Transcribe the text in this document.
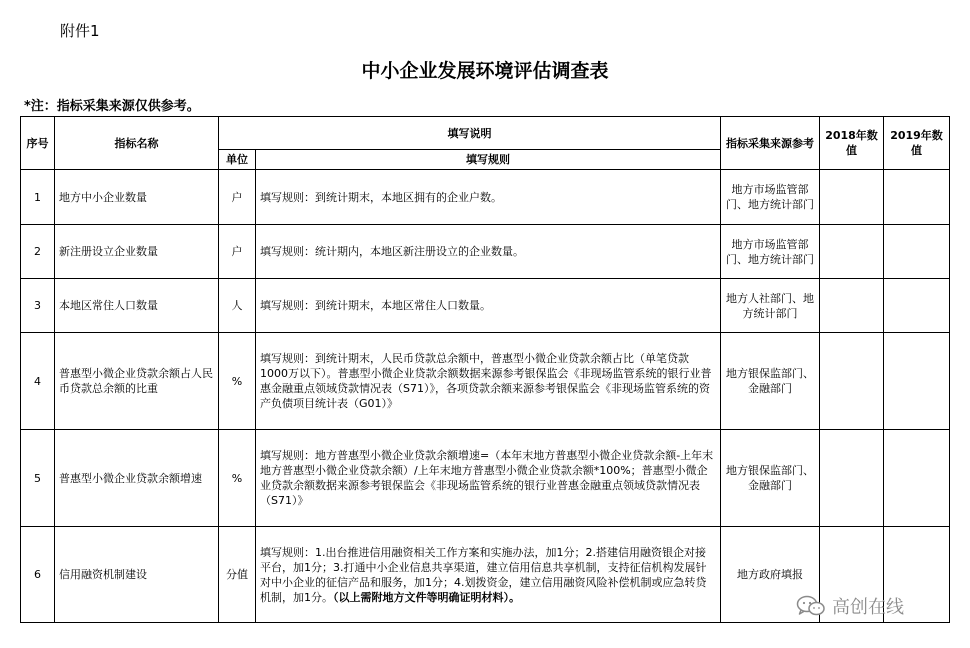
附件1
中小企业发展环境评估调查表
*注：指标采集来源仅供参考。
序号	指标名称	填写说明		指标采集来源参考	2018年数值	2019年数值
		单位	填写规则			
1	地方中小企业数量	户	填写规则：到统计期末，本地区拥有的企业户数。	地方市场监管部门、地方统计部门		
2	新注册设立企业数量	户	填写规则：统计期内，本地区新注册设立的企业数量。	地方市场监管部门、地方统计部门		
3	本地区常住人口数量	人	填写规则：到统计期末，本地区常住人口数量。	地方人社部门、地方统计部门		
4	普惠型小微企业贷款余额占人民币贷款总余额的比重	%	填写规则：到统计期末，人民币贷款总余额中，普惠型小微企业贷款余额占比（单笔贷款1000万以下）。普惠型小微企业贷款余额数据来源参考银保监会《非现场监管系统的银行业普惠金融重点领域贷款情况表（S71）》，各项贷款余额来源参考银保监会《非现场监管系统的资产负债项目统计表（G01）》	地方银保监部门、金融部门		
5	普惠型小微企业贷款余额增速	%	填写规则：地方普惠型小微企业贷款余额增速=（本年末地方普惠型小微企业贷款余额-上年末地方普惠型小微企业贷款余额）/上年末地方普惠型小微企业贷款余额*100%；普惠型小微企业贷款余额数据来源参考银保监会《非现场监管系统的银行业普惠金融重点领域贷款情况表（S71）》	地方银保监部门、金融部门		
6	信用融资机制建设	分值	填写规则：1.出台推进信用融资相关工作方案和实施办法，加1分；2.搭建信用融资银企对接平台，加1分；3.打通中小企业信息共享渠道，建立信用信息共享机制，支持征信机构发展针对中小企业的征信产品和服务，加1分；4.划拨资金，建立信用融资风险补偿机制或应急转贷机制，加1分。（以上需附地方文件等明确证明材料）。	地方政府填报		
高创在线
